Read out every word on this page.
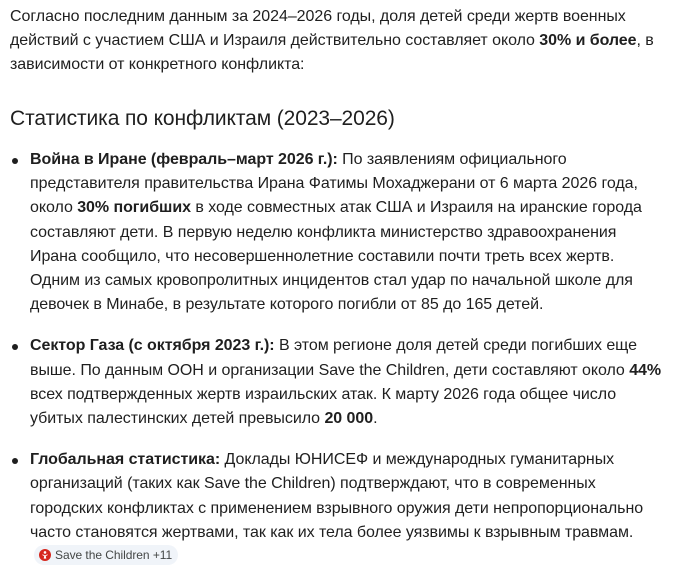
Согласно последним данным за 2024–2026 годы, доля детей среди жертв военных действий с участием США и Израиля действительно составляет около 30% и более, в зависимости от конкретного конфликта:

Статистика по конфликтам (2023–2026)
Война в Иране (февраль–март 2026 г.): По заявлениям официального представителя правительства Ирана Фатимы Мохаджерани от 6 марта 2026 года, около 30% погибших в ходе совместных атак США и Израиля на иранские города составляют дети. В первую неделю конфликта министерство здравоохранения Ирана сообщило, что несовершеннолетние составили почти треть всех жертв. Одним из самых кровопролитных инцидентов стал удар по начальной школе для девочек в Минабе, в результате которого погибли от 85 до 165 детей.
Сектор Газа (с октября 2023 г.): В этом регионе доля детей среди погибших еще выше. По данным ООН и организации Save the Children, дети составляют около 44% всех подтвержденных жертв израильских атак. К марту 2026 года общее число убитых палестинских детей превысило 20 000.
Глобальная статистика: Доклады ЮНИСЕФ и международных гуманитарных организаций (таких как Save the Children) подтверждают, что в современных городских конфликтах с применением взрывного оружия дети непропорционально часто становятся жертвами, так как их тела более уязвимы к взрывным травмам.
Save the Children +11
